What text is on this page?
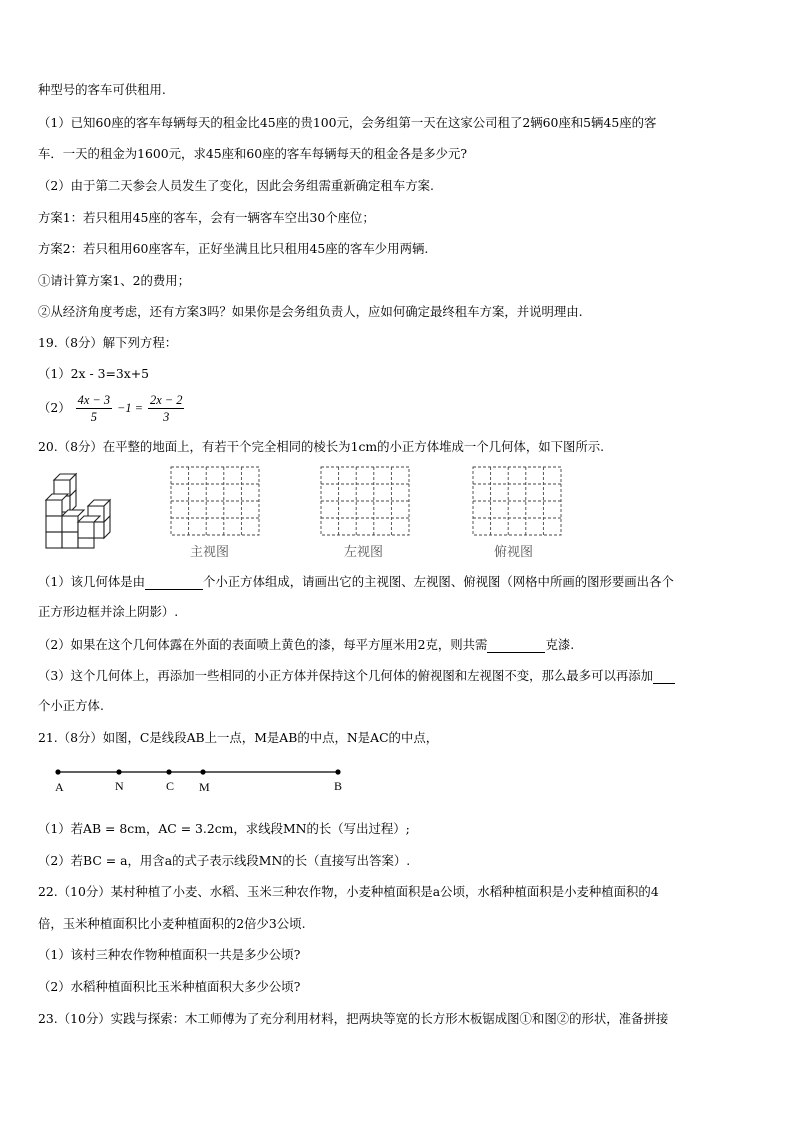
种型号的客车可供租用.
（1）已知60座的客车每辆每天的租金比45座的贵100元，会务组第一天在这家公司租了2辆60座和5辆45座的客
车．一天的租金为1600元，求45座和60座的客车每辆每天的租金各是多少元?
（2）由于第二天参会人员发生了变化，因此会务组需重新确定租车方案.
方案1：若只租用45座的客车，会有一辆客车空出30个座位；
方案2：若只租用60座客车，正好坐满且比只租用45座的客车少用两辆.
①请计算方案1、2的费用；
②从经济角度考虑，还有方案3吗？如果你是会务组负责人，应如何确定最终租车方案，并说明理由.
19.（8分）解下列方程：
（1）2x - 3=3x+5
$(2) \frac{4x - 3}{5} -1 = \frac{2x - 2}{3}$
20.（8分）在平整的地面上，有若干个完全相同的棱长为1cm的小正方体堆成一个几何体，如下图所示.
主视图	左视图	俯视图
（1）该几何体是由	个小正方体组成，请画出它的主视图、左视图、俯视图（网格中所画的图形要画出各个
正方形边框并涂上阴影）.
（2）如果在这个几何体露在外面的表面喷上黄色的漆，每平方厘米用2克，则共需	克漆.
（3）这个几何体上，再添加一些相同的小正方体并保持这个几何体的俯视图和左视图不变，那么最多可以再添加
个小正方体.
21.（8分）如图，C是线段AB上一点，M是AB的中点，N是AC的中点，
A	N	C M	B
（1）若AB = 8cm，AC = 3.2cm，求线段MN的长（写出过程）;
（2）若BC = a，用含a的式子表示线段MN的长（直接写出答案）.
22.（10分）某村种植了小麦、水稻、玉米三种农作物，小麦种植面积是a公顷，水稻种植面积是小麦种植面积的4
倍，玉米种植面积比小麦种植面积的2倍少3公顷.
（1）该村三种农作物种植面积一共是多少公顷?
（2）水稻种植面积比玉米种植面积大多少公顷?
23.（10分）实践与探索：木工师傅为了充分利用材料，把两块等宽的长方形木板锯成图①和图②的形状，准备拼接
